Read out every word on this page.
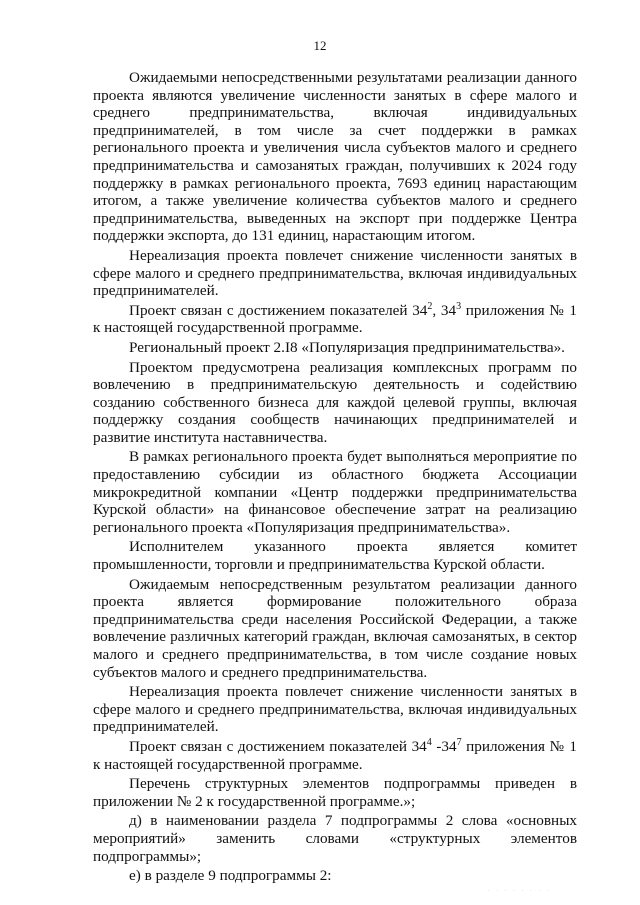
12

Ожидаемыми непосредственными результатами реализации данного проекта являются увеличение численности занятых в сфере малого и среднего предпринимательства, включая индивидуальных предпринимателей, в том числе за счет поддержки в рамках регионального проекта и увеличения числа субъектов малого и среднего предпринимательства и самозанятых граждан, получивших к 2024 году поддержку в рамках регионального проекта, 7693 единиц нарастающим итогом, а также увеличение количества субъектов малого и среднего предпринимательства, выведенных на экспорт при поддержке Центра поддержки экспорта, до 131 единиц, нарастающим итогом.

Нереализация проекта повлечет снижение численности занятых в сфере малого и среднего предпринимательства, включая индивидуальных предпринимателей.

Проект связан с достижением показателей $34^2$, $34^3$ приложения № 1 к настоящей государственной программе.

Региональный проект 2.I8 «Популяризация предпринимательства».

Проектом предусмотрена реализация комплексных программ по вовлечению в предпринимательскую деятельность и содействию созданию собственного бизнеса для каждой целевой группы, включая поддержку создания сообществ начинающих предпринимателей и развитие института наставничества.

В рамках регионального проекта будет выполняться мероприятие по предоставлению субсидии из областного бюджета Ассоциации микрокредитной компании «Центр поддержки предпринимательства Курской области» на финансовое обеспечение затрат на реализацию регионального проекта «Популяризация предпринимательства».

Исполнителем указанного проекта является комитет промышленности, торговли и предпринимательства Курской области.

Ожидаемым непосредственным результатом реализации данного проекта является формирование положительного образа предпринимательства среди населения Российской Федерации, а также вовлечение различных категорий граждан, включая самозанятых, в сектор малого и среднего предпринимательства, в том числе создание новых субъектов малого и среднего предпринимательства.

Нереализация проекта повлечет снижение численности занятых в сфере малого и среднего предпринимательства, включая индивидуальных предпринимателей.

Проект связан с достижением показателей $34^4$ $-34^7$ приложения № 1 к настоящей государственной программе.

Перечень структурных элементов подпрограммы приведен в приложении № 2 к государственной программе.»;

д) в наименовании раздела 7 подпрограммы 2 слова «основных мероприятий» заменить словами «структурных элементов подпрограммы»;

е) в разделе 9 подпрограммы 2:

· · · · · · · ·
